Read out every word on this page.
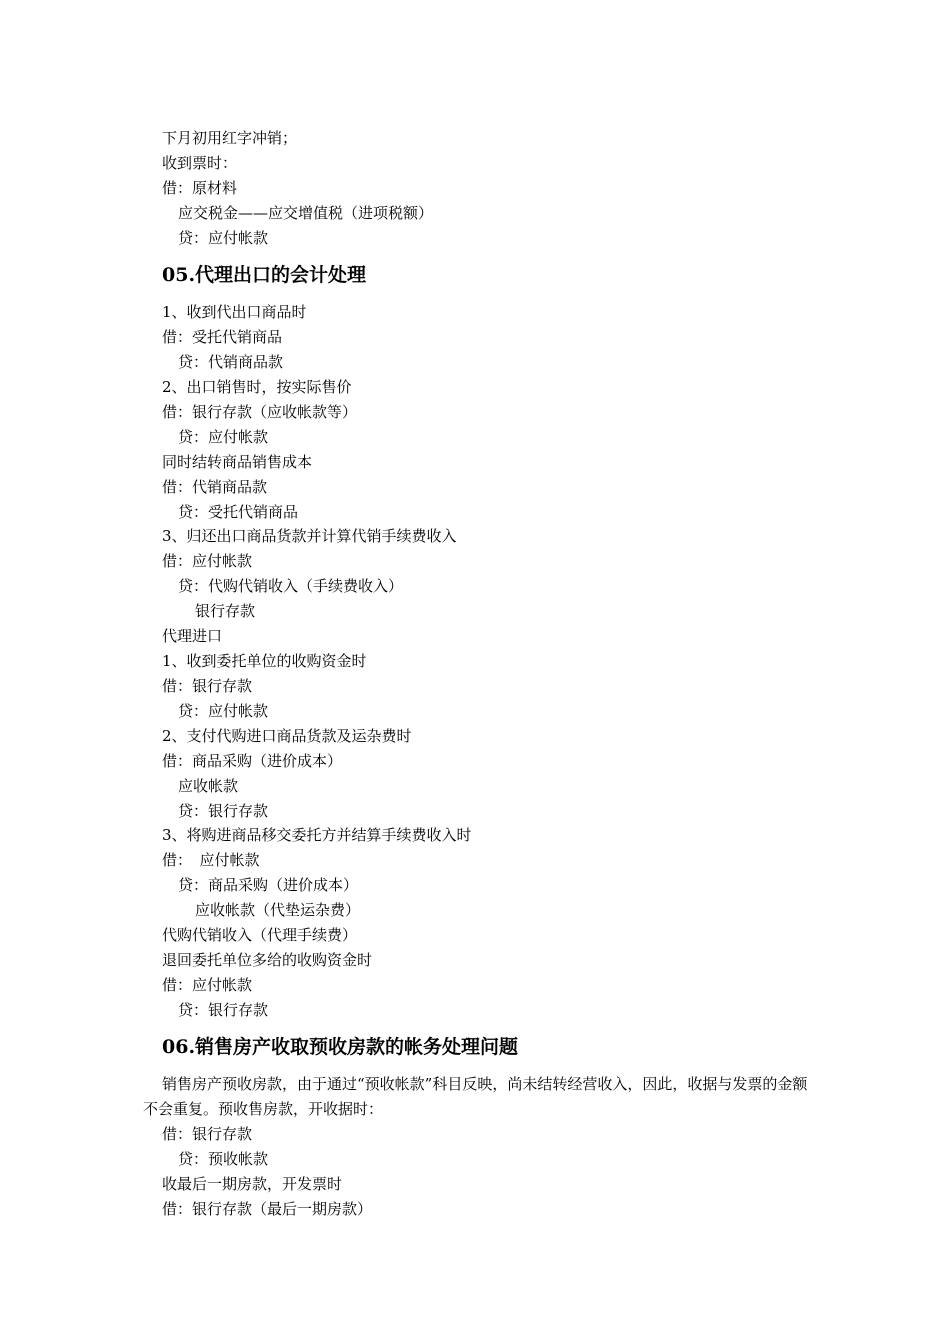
下月初用红字冲销；
收到票时：
借：原材料
应交税金——应交增值税（进项税额）
贷：应付帐款
05.代理出口的会计处理
1、收到代出口商品时
借：受托代销商品
贷：代销商品款
2、出口销售时，按实际售价
借：银行存款（应收帐款等）
贷：应付帐款
同时结转商品销售成本
借：代销商品款
贷：受托代销商品
3、归还出口商品货款并计算代销手续费收入
借：应付帐款
贷：代购代销收入（手续费收入）
银行存款
代理进口
1、收到委托单位的收购资金时
借：银行存款
贷：应付帐款
2、支付代购进口商品货款及运杂费时
借：商品采购（进价成本）
应收帐款
贷：银行存款
3、将购进商品移交委托方并结算手续费收入时
借：　应付帐款
贷：商品采购（进价成本）
应收帐款（代垫运杂费）
代购代销收入（代理手续费）
退回委托单位多给的收购资金时
借：应付帐款
贷：银行存款
06.销售房产收取预收房款的帐务处理问题
销售房产预收房款，由于通过“预收帐款”科目反映，尚未结转经营收入，因此，收据与发票的金额不会重复。预收售房款，开收据时：
借：银行存款
贷：预收帐款
收最后一期房款，开发票时
借：银行存款（最后一期房款）
